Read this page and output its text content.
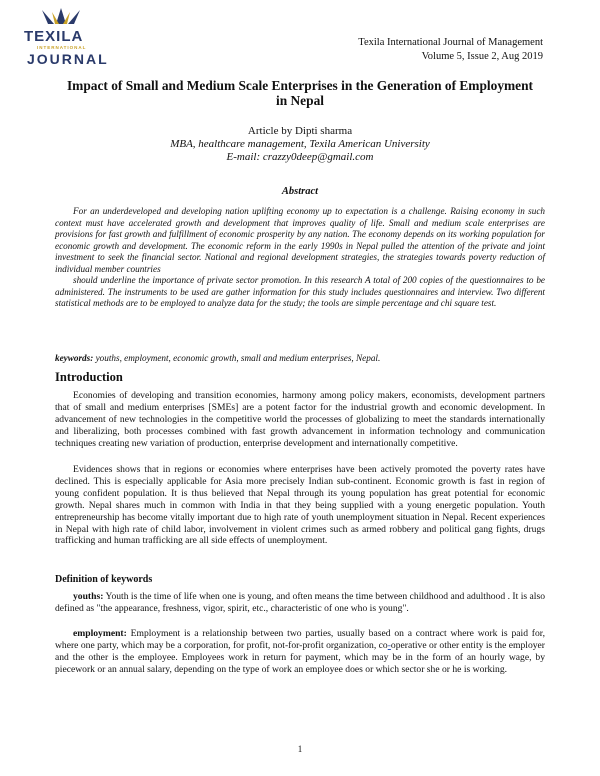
TEXILA
INTERNATIONAL
JOURNAL
Texila International Journal of Management
Volume 5, Issue 2, Aug 2019
Impact of Small and Medium Scale Enterprises in the Generation of Employment in Nepal
Article by Dipti sharma
MBA, healthcare management, Texila American University
E-mail: crazzy0deep@gmail.com
Abstract

For an underdeveloped and developing nation uplifting economy up to expectation is a challenge. Raising economy in such context must have accelerated growth and development that improves quality of life. Small and medium scale enterprises are provisions for fast growth and fulfillment of economic prosperity by any nation. The economy depends on its working population for economic growth and development. The economic reform in the early 1990s in Nepal pulled the attention of the private and joint investment to seek the financial sector. National and regional development strategies, the strategies towards poverty reduction of individual member countries

should underline the importance of private sector promotion. In this research A total of 200 copies of the questionnaires to be administered. The instruments to be used are gather information for this study includes questionnaires and interview. Two different statistical methods are to be employed to analyze data for the study; the tools are simple percentage and chi square test.

keywords: youths, employment, economic growth, small and medium enterprises, Nepal.
Introduction

Economies of developing and transition economies, harmony among policy makers, economists, development partners that of small and medium enterprises [SMEs] are a potent factor for the industrial growth and economic development. In advancement of new technologies in the competitive world the processes of globalizing to meet the standards internationally and liberalizing, both processes combined with fast growth advancement in information technology and communication techniques creating new variation of production, enterprise development and internationally competitive.

Evidences shows that in regions or economies where enterprises have been actively promoted the poverty rates have declined. This is especially applicable for Asia more precisely Indian sub-continent. Economic growth is fast in region of young confident population. It is thus believed that Nepal through its young population has great potential for economic growth. Nepal shares much in common with India in that they being supplied with a young energetic population. Youth entrepreneurship has become vitally important due to high rate of youth unemployment situation in Nepal. Recent experiences in Nepal with high rate of child labor, involvement in violent crimes such as armed robbery and political gang fights, drugs trafficking and human trafficking are all side effects of unemployment.

Definition of keywords

youths: Youth is the time of life when one is young, and often means the time between childhood and adulthood . It is also defined as "the appearance, freshness, vigor, spirit, etc., characteristic of one who is young".

employment: Employment is a relationship between two parties, usually based on a contract where work is paid for, where one party, which may be a corporation, for profit, not-for-profit organization, co-operative or other entity is the employer and the other is the employee. Employees work in return for payment, which may be in the form of an hourly wage, by piecework or an annual salary, depending on the type of work an employee does or which sector she or he is working.

1
